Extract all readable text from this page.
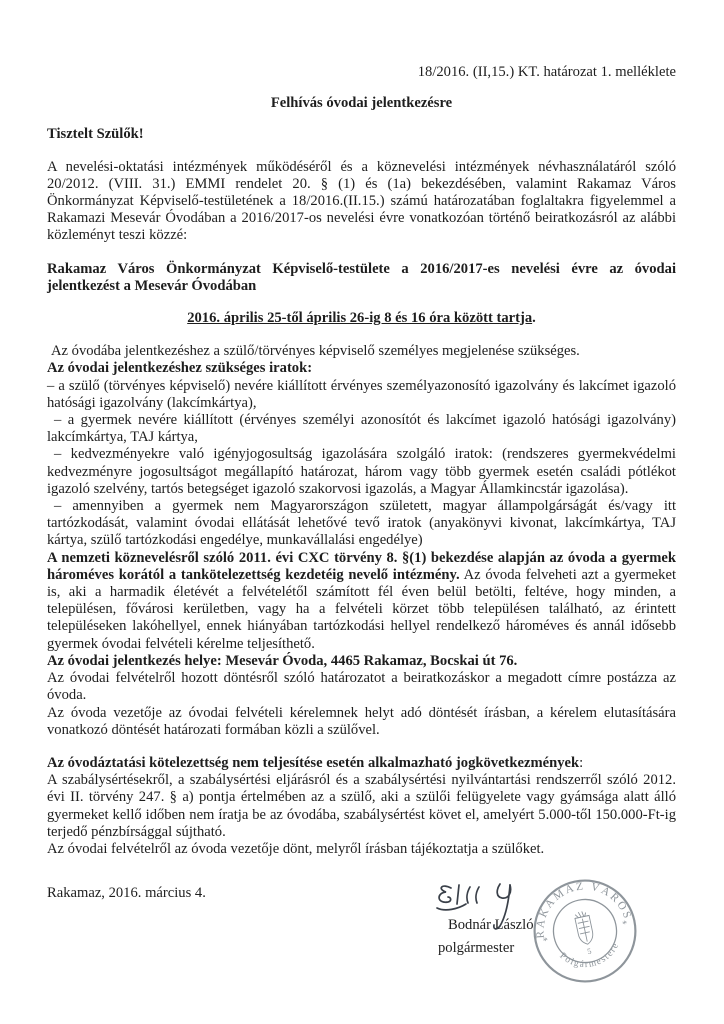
18/2016. (II,15.) KT. határozat 1. melléklete

Felhívás óvodai jelentkezésre

Tisztelt Szülők!

A nevelési-oktatási intézmények működéséről és a köznevelési intézmények névhasználatáról szóló 20/2012. (VIII. 31.) EMMI rendelet 20. § (1) és (1a) bekezdésében, valamint Rakamaz Város Önkormányzat Képviselő-testületének a 18/2016.(II.15.) számú határozatában foglaltakra figyelemmel a Rakamazi Mesevár Óvodában a 2016/2017-os nevelési évre vonatkozóan történő beiratkozásról az alábbi közleményt teszi közzé:

Rakamaz Város Önkormányzat Képviselő-testülete a 2016/2017-es nevelési évre az óvodai jelentkezést a Mesevár Óvodában

2016. április 25-től április 26-ig 8 és 16 óra között tartja.

Az óvodába jelentkezéshez a szülő/törvényes képviselő személyes megjelenése szükséges.

Az óvodai jelentkezéshez szükséges iratok:

– a szülő (törvényes képviselő) nevére kiállított érvényes személyazonosító igazolvány és lakcímet igazoló hatósági igazolvány (lakcímkártya),

– a gyermek nevére kiállított (érvényes személyi azonosítót és lakcímet igazoló hatósági igazolvány) lakcímkártya, TAJ kártya,

– kedvezményekre való igényjogosultság igazolására szolgáló iratok: (rendszeres gyermekvédelmi kedvezményre jogosultságot megállapító határozat, három vagy több gyermek esetén családi pótlékot igazoló szelvény, tartós betegséget igazoló szakorvosi igazolás, a Magyar Államkincstár igazolása).

– amennyiben a gyermek nem Magyarországon született, magyar állampolgárságát és/vagy itt tartózkodását, valamint óvodai ellátását lehetővé tevő iratok (anyakönyvi kivonat, lakcímkártya, TAJ kártya, szülő tartózkodási engedélye, munkavállalási engedélye)

A nemzeti köznevelésről szóló 2011. évi CXC törvény 8. §(1) bekezdése alapján az óvoda a gyermek hároméves korától a tankötelezettség kezdetéig nevelő intézmény. Az óvoda felveheti azt a gyermeket is, aki a harmadik életévét a felvételétől számított fél éven belül betölti, feltéve, hogy minden, a településen, fővárosi kerületben, vagy ha a felvételi körzet több településen található, az érintett településeken lakóhellyel, ennek hiányában tartózkodási hellyel rendelkező hároméves és annál idősebb gyermek óvodai felvételi kérelme teljesíthető.

Az óvodai jelentkezés helye: Mesevár Óvoda, 4465 Rakamaz, Bocskai út 76.

Az óvodai felvételről hozott döntésről szóló határozatot a beiratkozáskor a megadott címre postázza az óvoda.

Az óvoda vezetője az óvodai felvételi kérelemnek helyt adó döntését írásban, a kérelem elutasítására vonatkozó döntését határozati formában közli a szülővel.

Az óvodáztatási kötelezettség nem teljesítése esetén alkalmazható jogkövetkezmények:

A szabálysértésekről, a szabálysértési eljárásról és a szabálysértési nyilvántartási rendszerről szóló 2012. évi II. törvény 247. § a) pontja értelmében az a szülő, aki a szülői felügyelete vagy gyámsága alatt álló gyermeket kellő időben nem íratja be az óvodába, szabálysértést követ el, amelyért 5.000-től 150.000-Ft-ig terjedő pénzbírsággal sújtható.

Az óvodai felvételről az óvoda vezetője dönt, melyről írásban tájékoztatja a szülőket.

Rakamaz, 2016. március 4.

Bodnár László

polgármester

RAKAMAZ VÁROS
Polgármestere
*
*
5
